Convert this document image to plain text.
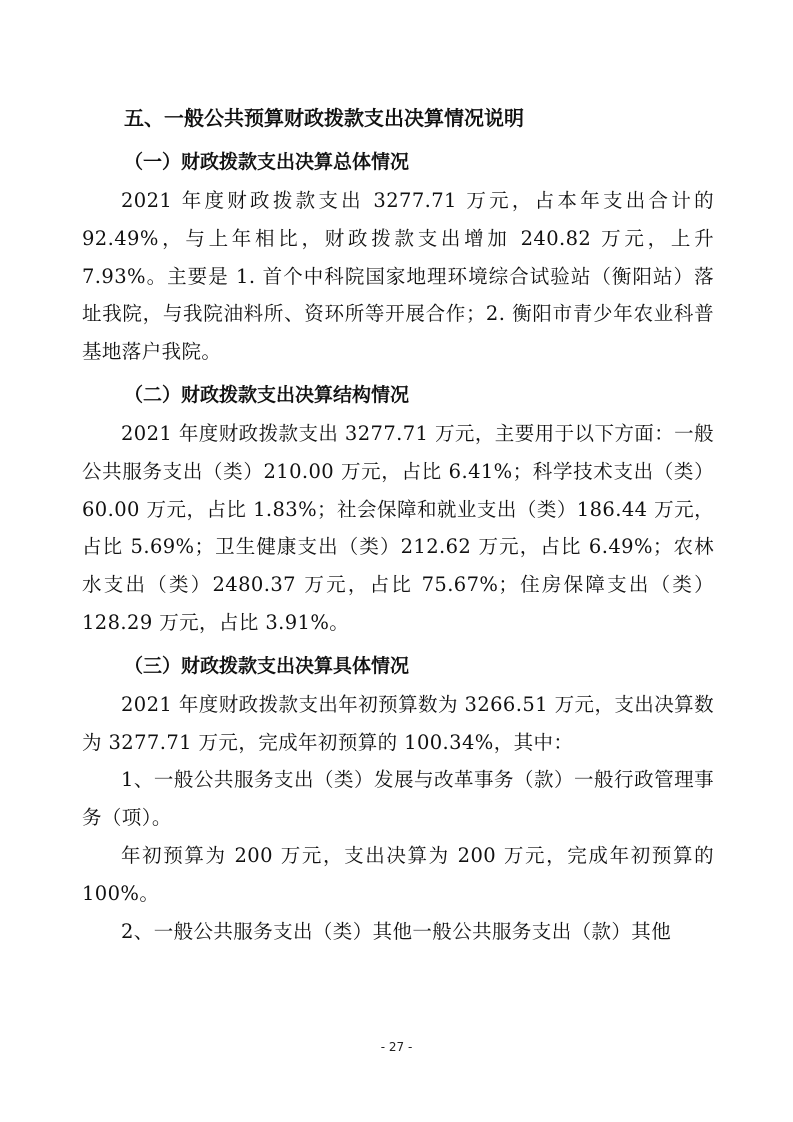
五、一般公共预算财政拨款支出决算情况说明
（一）财政拨款支出决算总体情况

2021 年度财政拨款支出 3277.71 万元，占本年支出合计的 92.49%，与上年相比，财政拨款支出增加 240.82 万元，上升 7.93%。主要是 1. 首个中科院国家地理环境综合试验站（衡阳站）落址我院，与我院油料所、资环所等开展合作；2. 衡阳市青少年农业科普基地落户我院。

（二）财政拨款支出决算结构情况

2021 年度财政拨款支出 3277.71 万元，主要用于以下方面：一般公共服务支出（类）210.00 万元，占比 6.41%；科学技术支出（类）60.00 万元，占比 1.83%；社会保障和就业支出（类）186.44 万元，占比 5.69%；卫生健康支出（类）212.62 万元，占比 6.49%；农林水支出（类）2480.37 万元，占比 75.67%；住房保障支出（类）128.29 万元，占比 3.91%。

（三）财政拨款支出决算具体情况

2021 年度财政拨款支出年初预算数为 3266.51 万元，支出决算数为 3277.71 万元，完成年初预算的 100.34%，其中：

1、一般公共服务支出（类）发展与改革事务（款）一般行政管理事务（项）。

年初预算为 200 万元，支出决算为 200 万元，完成年初预算的 100%。

2、一般公共服务支出（类）其他一般公共服务支出（款）其他

- 27 -
